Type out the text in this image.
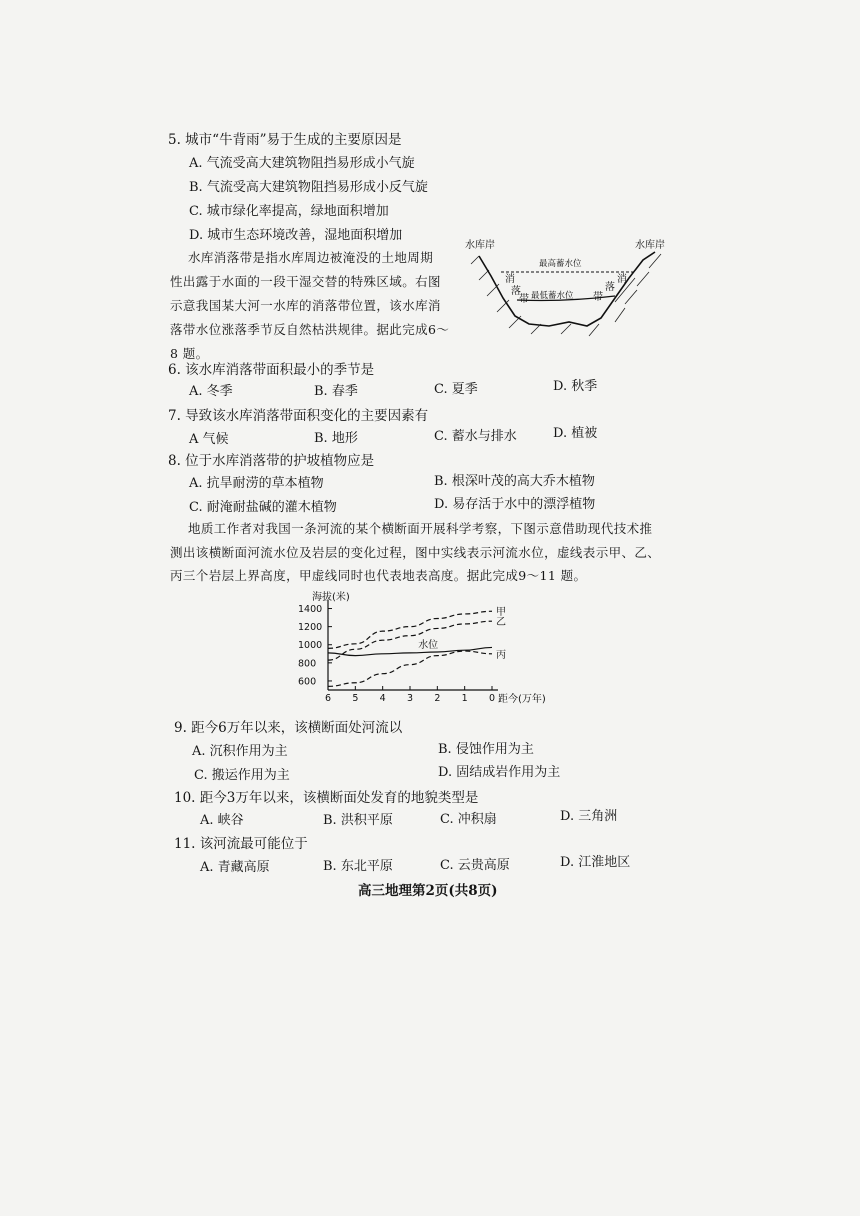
5. 城市“牛背雨”易于生成的主要原因是
A. 气流受高大建筑物阻挡易形成小气旋
B. 气流受高大建筑物阻挡易形成小反气旋
C. 城市绿化率提高，绿地面积增加
D. 城市生态环境改善，湿地面积增加
水库消落带是指水库周边被淹没的土地周期
性出露于水面的一段干湿交替的特殊区域。右图
示意我国某大河一水库的消落带位置，该水库消
落带水位涨落季节反自然枯洪规律。据此完成6～
8 题。
水库岸	水库岸
最高蓄水位
最低蓄水位
消
落
带
落
消
带
6. 该水库消落带面积最小的季节是
A. 冬季	B. 春季	C. 夏季	D. 秋季
7. 导致该水库消落带面积变化的主要因素有
A 气候	B. 地形	C. 蓄水与排水	D. 植被
8. 位于水库消落带的护坡植物应是
A. 抗旱耐涝的草本植物	B. 根深叶茂的高大乔木植物
C. 耐淹耐盐碱的灌木植物	D. 易存活于水中的漂浮植物
地质工作者对我国一条河流的某个横断面开展科学考察，下图示意借助现代技术推
测出该横断面河流水位及岩层的变化过程，图中实线表示河流水位，虚线表示甲、乙、
丙三个岩层上界高度，甲虚线同时也代表地表高度。据此完成9～11 题。
600
800
1000
1200
1400
6 5 4 3 2 1 0
甲
乙
水位
丙
海拔(米)
距今(万年)
9. 距今6万年以来，该横断面处河流以
A. 沉积作用为主	B. 侵蚀作用为主
C. 搬运作用为主	D. 固结成岩作用为主
10. 距今3万年以来，该横断面处发育的地貌类型是
A. 峡谷	B. 洪积平原	C. 冲积扇	D. 三角洲
11. 该河流最可能位于
A. 青藏高原	B. 东北平原	C. 云贵高原	D. 江淮地区
高三地理第2页(共8页)
